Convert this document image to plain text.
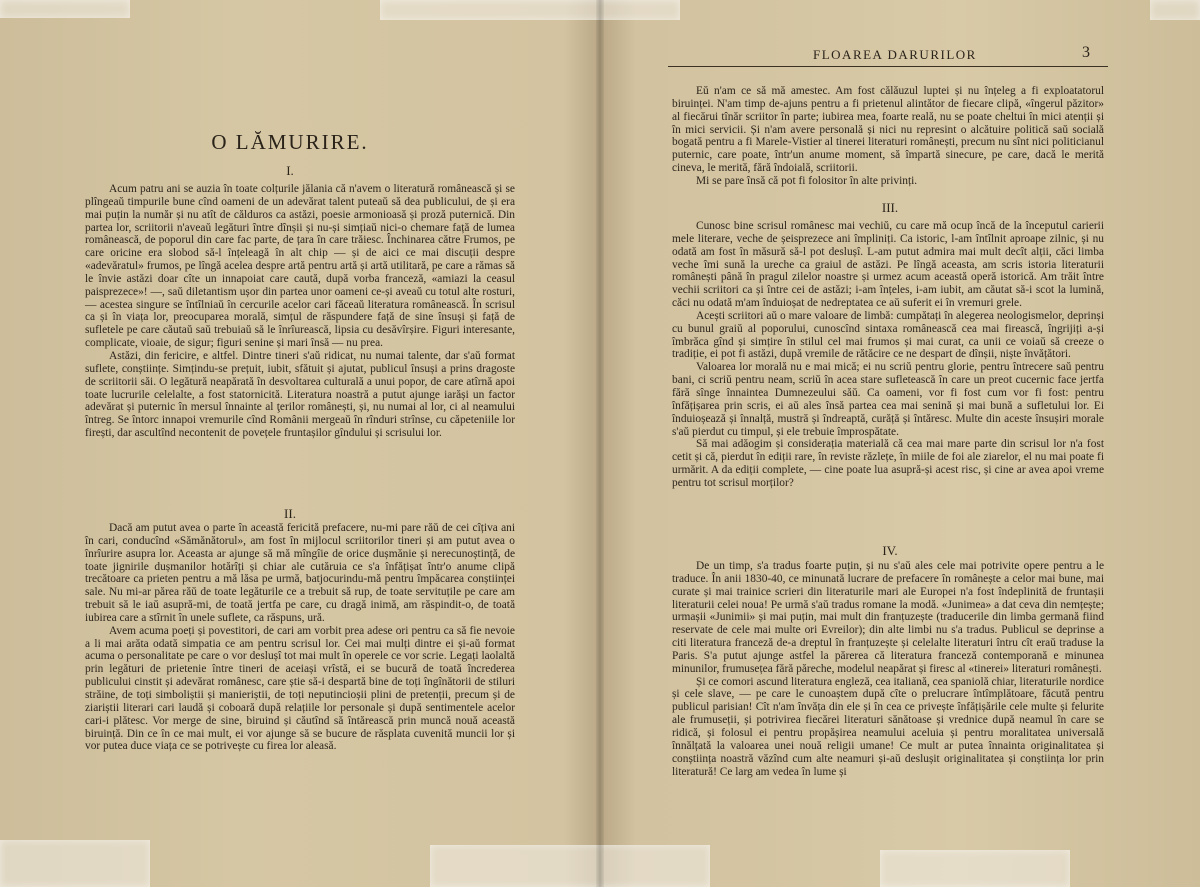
O LĂMURIRE.
I.

Acum patru ani se auzia în toate colțurile jălania că n'avem o literatură românească și se plîngeaŭ timpurile bune cînd oameni de un adevărat talent puteaŭ să dea publicului, de și era mai puțin la număr și nu atît de călduros ca astăzi, poesie armonioasă și proză puternică. Din partea lor, scriitorii n'aveaŭ legături între dînșii și nu-și simțiaŭ nici-o chemare față de lumea românească, de poporul din care fac parte, de țara în care trăiesc. Închinarea către Frumos, pe care oricine era slobod să-l înțeleagă în alt chip — și de aici ce mai discuții despre «adevăratul» frumos, pe lîngă acelea despre artă pentru artă și artă utilitară, pe care a rămas să le învie astăzi doar cîte un innapoiat care caută, după vorba franceză, «amiazi la ceasul paisprezece»! —, saŭ diletantism ușor din partea unor oameni ce-și aveaŭ cu totul alte rosturi, — acestea singure se întîlniaŭ în cercurile acelor cari făceaŭ literatura românească. În scrisul ca și în viața lor, preocuparea morală, simțul de răspundere față de sine însuși și față de sufletele pe care căutaŭ saŭ trebuiaŭ să le înrîurească, lipsia cu desăvîrșire. Figuri interesante, complicate, vioaie, de sigur; figuri senine și mari însă — nu prea.

Astăzi, din fericire, e altfel. Dintre tineri s'aŭ ridicat, nu numai talente, dar s'aŭ format suflete, conștiințe. Simțindu-se prețuit, iubit, sfătuit și ajutat, publicul însuși a prins dragoste de scriitorii săi. O legătură neapărată în desvoltarea culturală a unui popor, de care atîrnă apoi toate lucrurile celelalte, a fost statornicită. Literatura noastră a putut ajunge iarăși un factor adevărat și puternic în mersul înnainte al ţerilor românești, și, nu numai al lor, ci al neamului întreg. Se întorc innapoi vremurile cînd Românii mergeaŭ în rînduri strînse, cu căpeteniile lor firești, dar ascultînd necontenit de povețele fruntașilor gîndului și scrisului lor.

II.

Dacă am putut avea o parte în această fericită prefacere, nu-mi pare răŭ de cei cîțiva ani în cari, conducînd «Sămănătorul», am fost în mijlocul scriitorilor tineri și am putut avea o înrîurire asupra lor. Aceasta ar ajunge să mă mîngîie de orice dușmănie și nerecunoștință, de toate jignirile dușmanilor hotărîți și chiar ale cutăruia ce s'a înfățișat într'o anume clipă trecătoare ca prieten pentru a mă lăsa pe urmă, batjocurindu-mă pentru împăcarea conștiinței sale. Nu mi-ar părea răŭ de toate legăturile ce a trebuit să rup, de toate servituțile pe care am trebuit să le iaŭ asupră-mi, de toată jertfa pe care, cu dragă inimă, am răspindit-o, de toată iubirea care a stîrnit în unele suflete, ca răspuns, ură.

Avem acuma poeți și povestitori, de cari am vorbit prea adese ori pentru ca să fie nevoie a li mai arăta odată simpatia ce am pentru scrisul lor. Cei mai mulți dintre ei și-aŭ format acuma o personalitate pe care o vor deslușî tot mai mult în operele ce vor scrie. Legați laolaltă prin legături de prietenie între tineri de aceiași vrîstă, ei se bucură de toată încrederea publicului cinstit și adevărat românesc, care știe să-i despartă bine de toți îngînătorii de stiluri străine, de toți simboliștii și manieriștii, de toți neputincioșii plini de pretenții, precum și de ziariștii literari cari laudă și coboară după relațiile lor personale și după sentimentele acelor cari-i plătesc. Vor merge de sine, biruind și căutînd să întărească prin muncă nouă această biruință. Din ce în ce mai mult, ei vor ajunge să se bucure de răsplata cuvenită muncii lor și vor putea duce viața ce se potrivește cu firea lor aleasă.

FLOAREA DARURILOR	3

Eŭ n'am ce să mă amestec. Am fost călăuzul luptei și nu înțeleg a fi exploatatorul biruinței. N'am timp de-ajuns pentru a fi prietenul alintător de fiecare clipă, «îngerul păzitor» al fiecărui tînăr scriitor în parte; iubirea mea, foarte reală, nu se poate cheltui în mici atenții și în mici servicii. Și n'am avere personală și nici nu represint o alcătuire politică saŭ socială bogată pentru a fi Marele-Vistier al tinerei literaturi românești, precum nu sînt nici politicianul puternic, care poate, într'un anume moment, să împartă sinecure, pe care, dacă le merită cineva, le merită, fără îndoială, scriitorii.

Mi se pare însă că pot fi folositor în alte privinți.

III.

Cunosc bine scrisul românesc mai vechiŭ, cu care mă ocup încă de la începutul carierii mele literare, veche de șeisprezece ani împliniți. Ca istoric, l-am întîlnit aproape zilnic, și nu odată am fost în măsură să-l pot deslușî. L-am putut admira mai mult decît alții, căci limba veche îmi sună la ureche ca graiul de astăzi. Pe lîngă aceasta, am scris istoria literaturii românești până în pragul zilelor noastre și urmez acum această operă istorică. Am trăit între vechii scriitori ca și între cei de astăzi; i-am înțeles, i-am iubit, am căutat să-i scot la lumină, căci nu odată m'am înduioșat de nedreptatea ce aŭ suferit ei în vremuri grele.

Acești scriitori aŭ o mare valoare de limbă: cumpătați în alegerea neologismelor, deprinși cu bunul graiŭ al poporului, cunoscînd sintaxa românească cea mai firească, îngrijiți a-și îmbrăca gînd și simțire în stilul cel mai frumos și mai curat, ca unii ce voiaŭ să creeze o tradiție, ei pot fi astăzi, după vremile de rătăcire ce ne despart de dînșii, niște învățători.

Valoarea lor morală nu e mai mică; ei nu scriŭ pentru glorie, pentru întrecere saŭ pentru bani, ci scriŭ pentru neam, scriŭ în acea stare sufletească în care un preot cucernic face jertfa fără sînge înnaintea Dumnezeului săŭ. Ca oameni, vor fi fost cum vor fi fost: pentru înfățișarea prin scris, ei aŭ ales însă partea cea mai senină și mai bună a sufletului lor. Ei înduioșează și înnalță, mustră și îndreaptă, curăță și întăresc. Multe din aceste însușiri morale s'aŭ pierdut cu timpul, și ele trebuie împrospătate.

Să mai adăogim și considerația materială că cea mai mare parte din scrisul lor n'a fost cetit și că, pierdut în ediții rare, în reviste răzlețe, în miile de foi ale ziarelor, el nu mai poate fi urmărit. A da ediții complete, — cine poate lua asupră-și acest risc, și cine ar avea apoi vreme pentru tot scrisul morților?

IV.

De un timp, s'a tradus foarte puțin, și nu s'aŭ ales cele mai potrivite opere pentru a le traduce. În anii 1830-40, ce minunată lucrare de prefacere în românește a celor mai bune, mai curate și mai trainice scrieri din literaturile mari ale Europei n'a fost îndeplinită de fruntașii literaturii celei noua! Pe urmă s'aŭ tradus romane la modă. «Junimea» a dat ceva din nemțește; urmașii «Junimii» și mai puțin, mai mult din franțuzește (traducerile din limba germană fiind reservate de cele mai multe ori Evreilor); din alte limbi nu s'a tradus. Publicul se deprinse a citi literatura franceză de-a dreptul în franțuzește și celelalte literaturi întru cît eraŭ traduse la Paris. S'a putut ajunge astfel la părerea că literatura franceză contemporană e minunea minunilor, frumusețea fără păreche, modelul neapărat și firesc al «tinerei» literaturi românești.

Și ce comori ascund literatura engleză, cea italiană, cea spaniolă chiar, literaturile nordice și cele slave, — pe care le cunoaștem după cîte o prelucrare întîmplătoare, făcută pentru publicul parisian! Cît n'am învăța din ele și în cea ce privește înfățișările cele multe și felurite ale frumuseții, și potrivirea fiecărei literaturi sănătoase și vrednice după neamul în care se ridică, și folosul ei pentru propășirea neamului aceluia și pentru moralitatea universală înnălțată la valoarea unei nouă religii umane! Ce mult ar putea înnainta originalitatea și conștiința noastră văzînd cum alte neamuri și-aŭ deslușit originalitatea și conștiința lor prin literatură! Ce larg am vedea în lume și
